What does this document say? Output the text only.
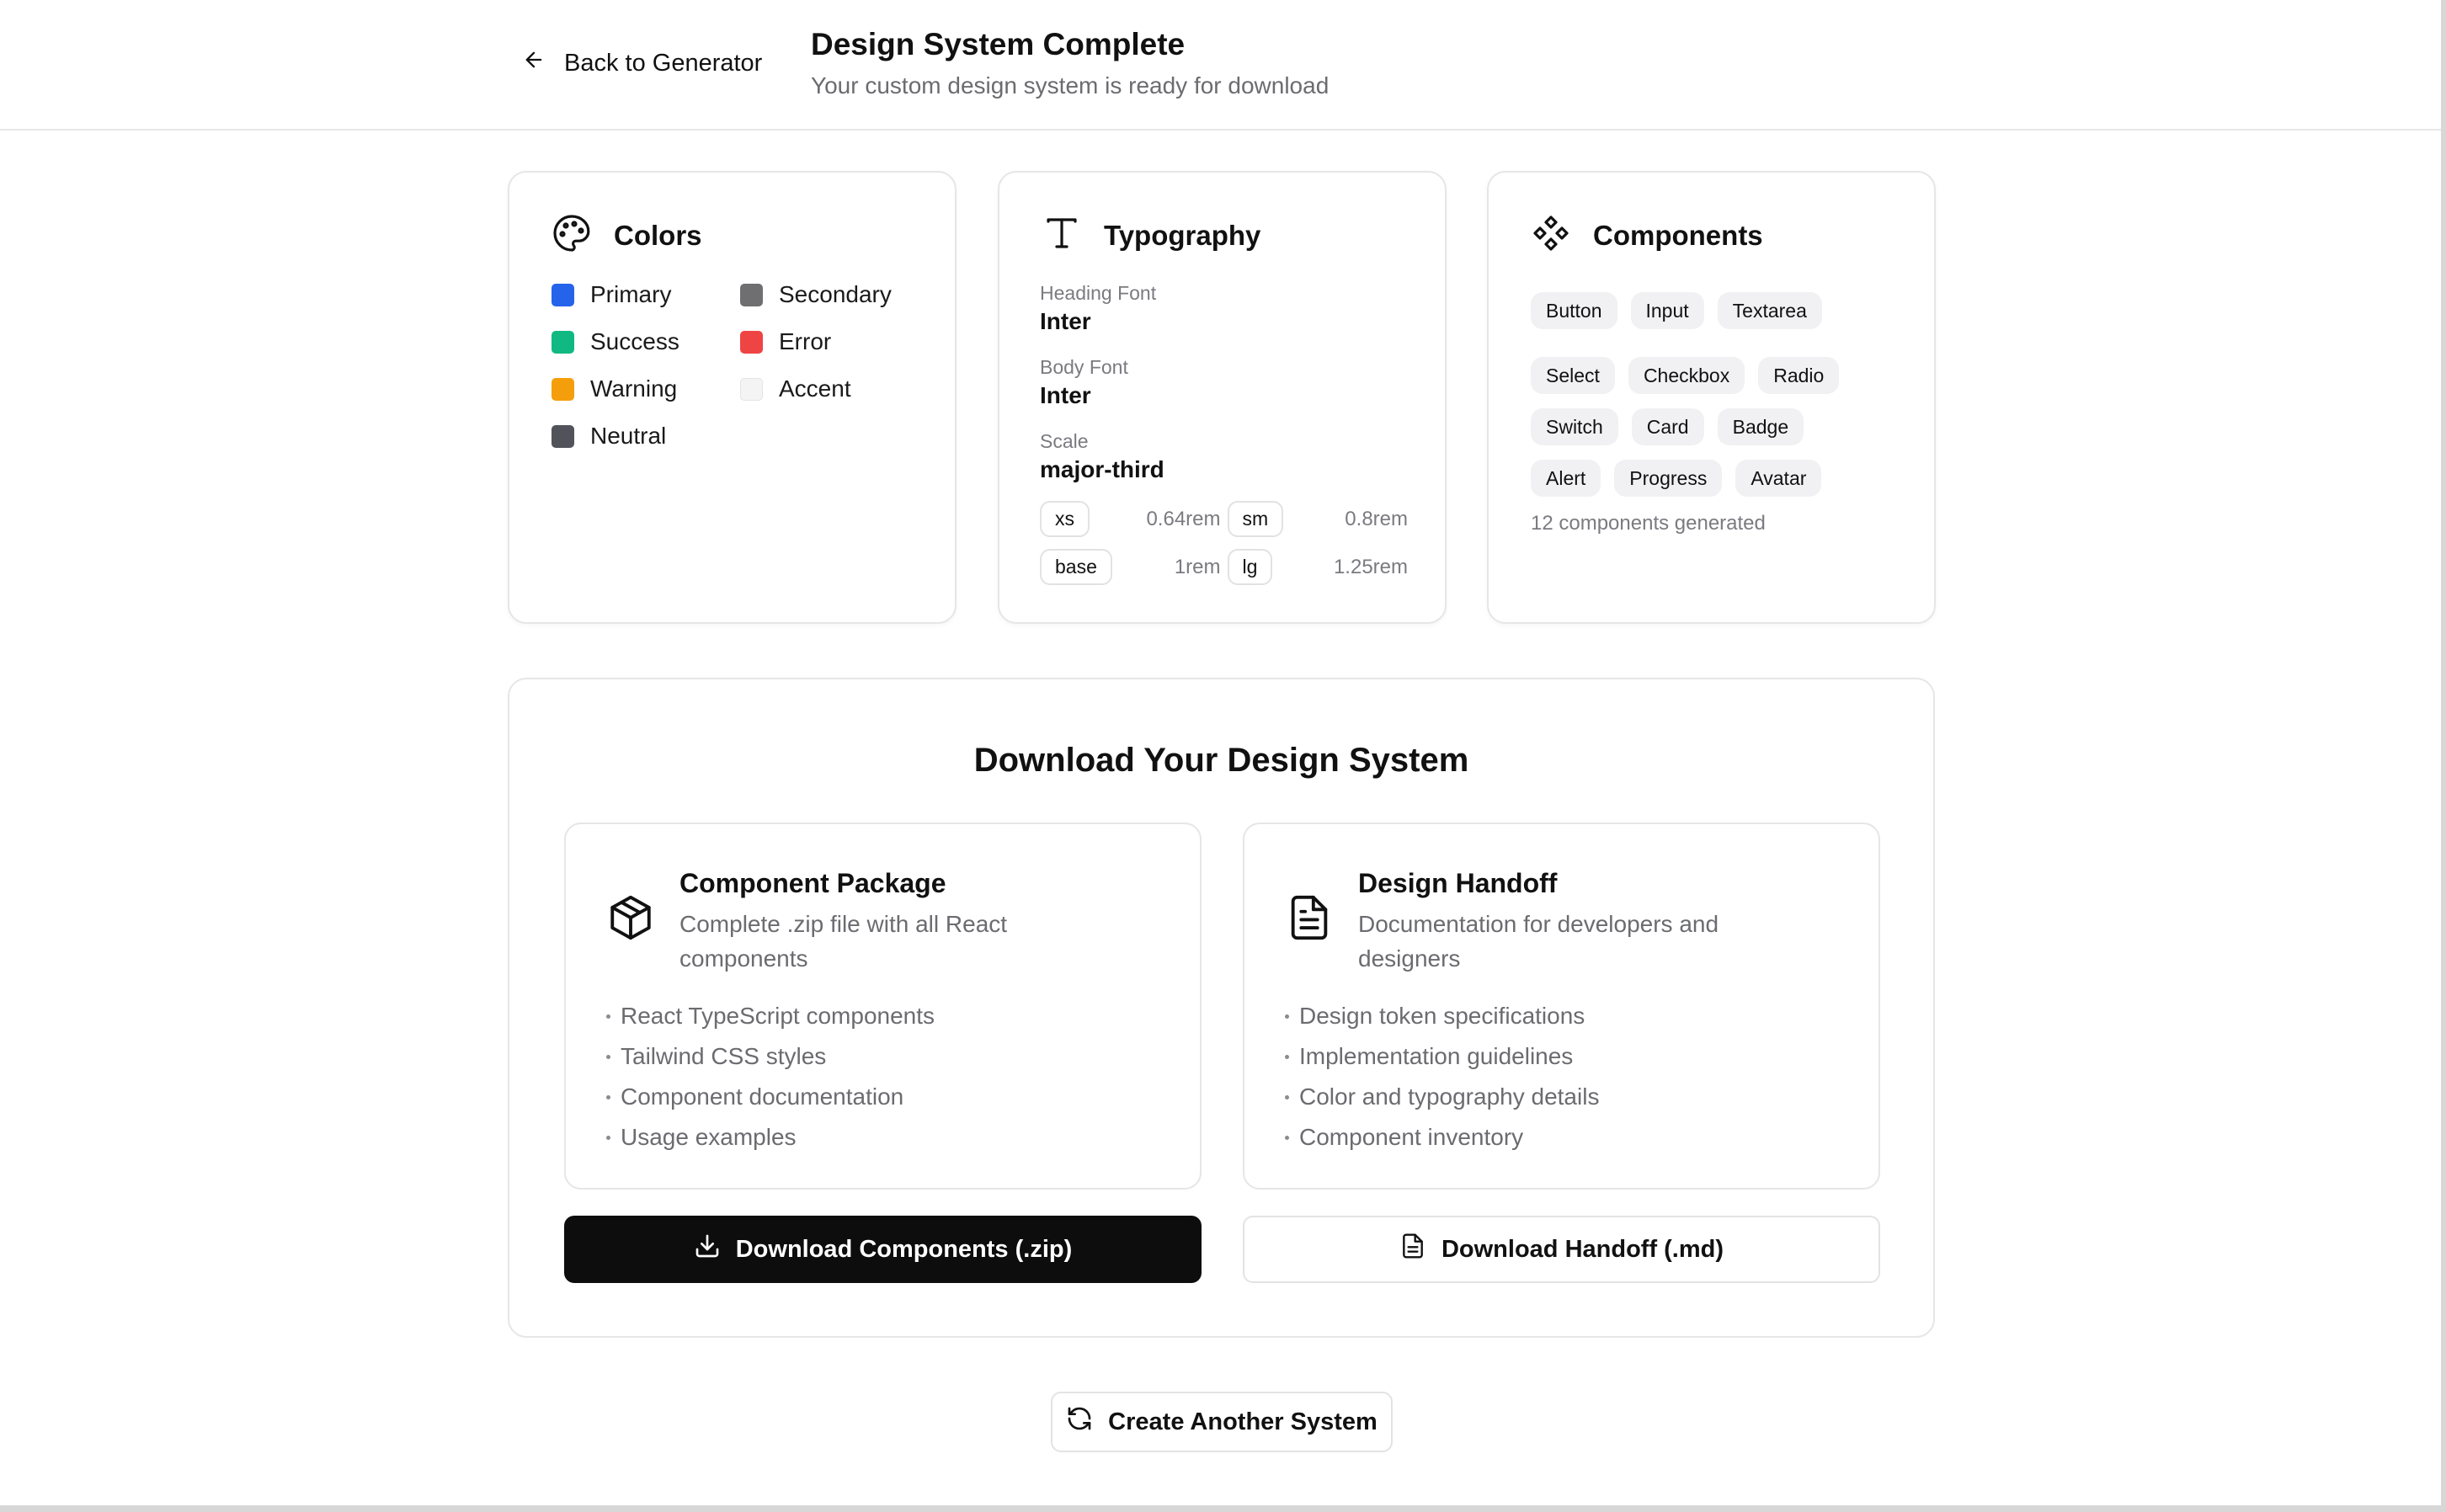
Back to Generator
Design System Complete
Your custom design system is ready for download
Colors
Primary	Secondary
Success	Error
Warning	Accent
Neutral
Typography
Heading Font
Inter
Body Font
Inter
Scale
major-third
xs	0.64rem	sm	0.8rem
base	1rem	lg	1.25rem
Components
Button	Input	Textarea
Select	Checkbox	Radio
Switch	Card	Badge
Alert	Progress	Avatar
12 components generated
Download Your Design System
Component Package
Complete .zip file with all React components
React TypeScript components
Tailwind CSS styles
Component documentation
Usage examples
Design Handoff
Documentation for developers and designers
Design token specifications
Implementation guidelines
Color and typography details
Component inventory
Download Components (.zip)	Download Handoff (.md)
Create Another System
